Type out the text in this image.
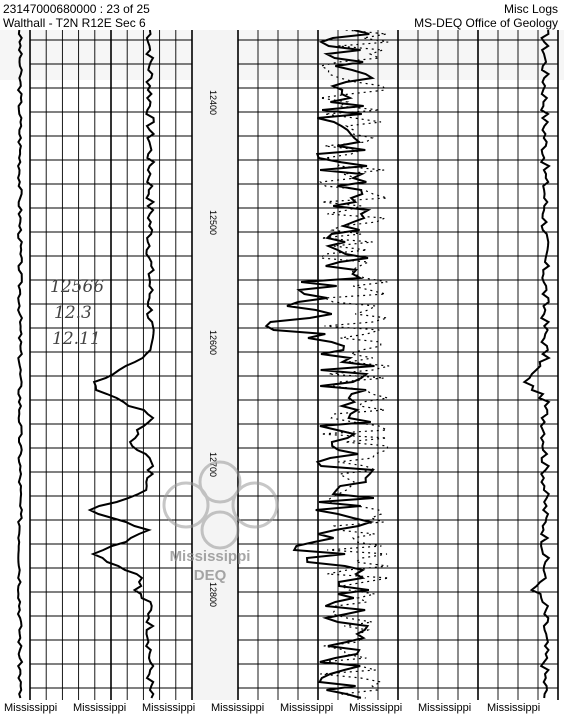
23147000680000 : 23 of 25
Walthall - T2N R12E Sec 6
Misc Logs
MS-DEQ Office of Geology
12400
12500
12600
12700
12800
12566
12.3
12.11
Mississippi
DEQ
Mississippi Mississippi Mississippi Mississippi Mississippi Mississippi Mississippi Mississippi
